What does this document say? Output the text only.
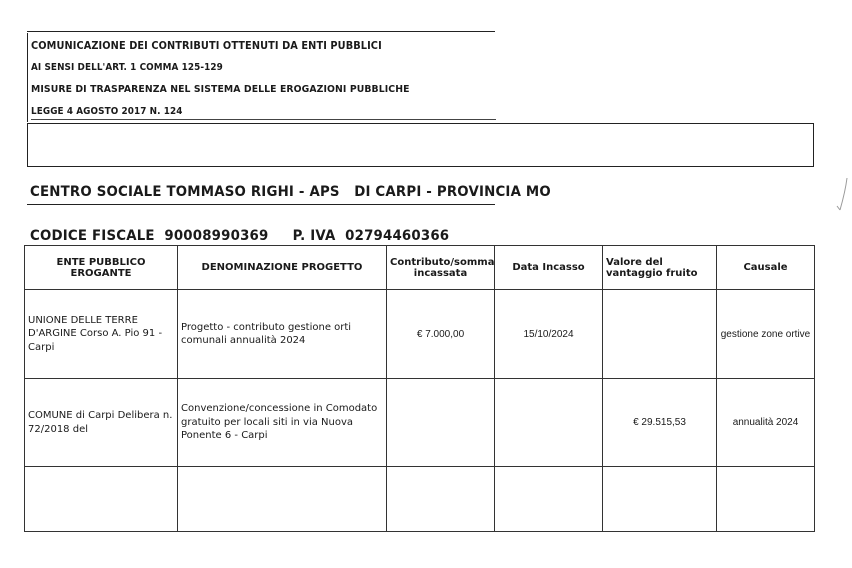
COMUNICAZIONE DEI CONTRIBUTI OTTENUTI DA ENTI PUBBLICI
AI SENSI DELL'ART. 1 COMMA 125-129
MISURE DI TRASPARENZA NEL SISTEMA DELLE EROGAZIONI PUBBLICHE
LEGGE 4 AGOSTO 2017 N. 124
CENTRO SOCIALE TOMMASO RIGHI - APS   DI CARPI - PROVINCIA MO
CODICE FISCALE  90008990369     P. IVA  02794460366
ENTE PUBBLICO EROGANTE	DENOMINAZIONE PROGETTO	Contributo/somma incassata	Data Incasso	Valore del vantaggio fruito	Causale
UNIONE DELLE TERRE D'ARGINE Corso A. Pio 91 - Carpi	Progetto - contributo gestione orti comunali annualità 2024	€ 7.000,00	15/10/2024		gestione zone ortive
COMUNE di Carpi Delibera n. 72/2018 del	Convenzione/concessione in Comodato gratuito per locali siti in via Nuova Ponente 6 - Carpi			€ 29.515,53	annualità 2024
